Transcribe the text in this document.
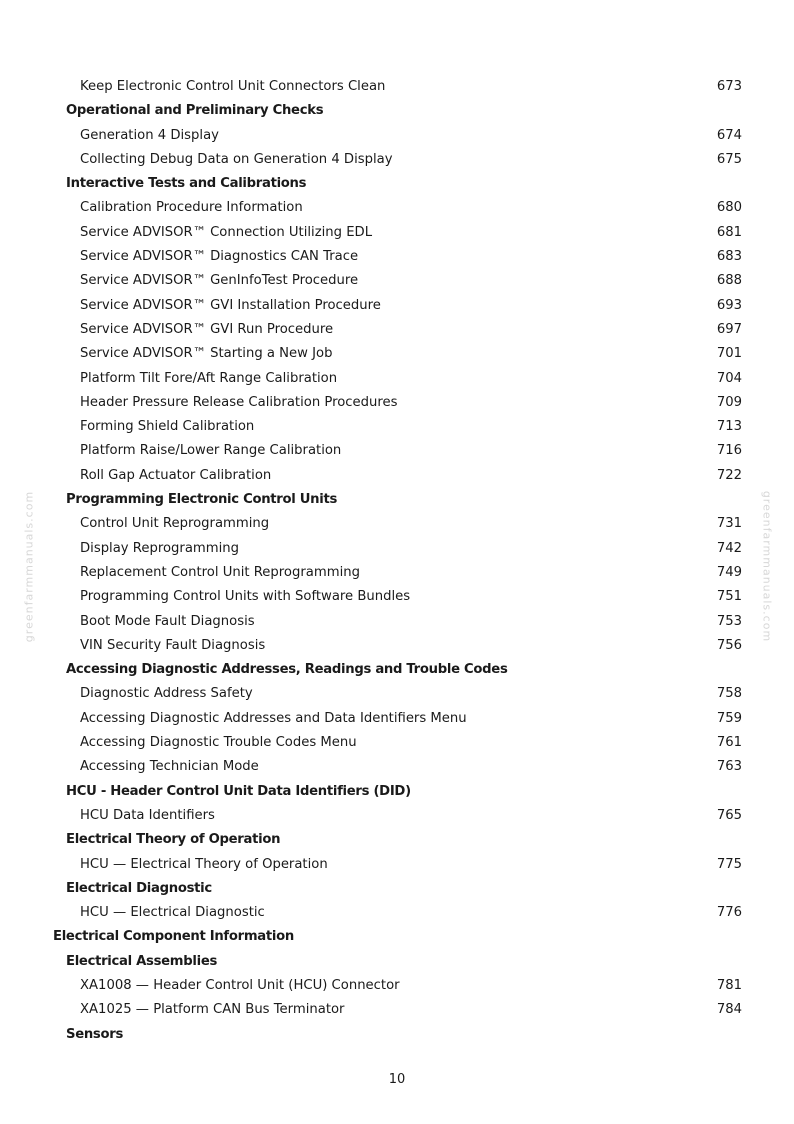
greenfarmmanuals.com	greenfarmmanuals.com
Keep Electronic Control Unit Connectors Clean	673
Operational and Preliminary Checks
Generation 4 Display	674
Collecting Debug Data on Generation 4 Display	675
Interactive Tests and Calibrations
Calibration Procedure Information	680
Service ADVISOR™ Connection Utilizing EDL	681
Service ADVISOR™ Diagnostics CAN Trace	683
Service ADVISOR™ GenInfoTest Procedure	688
Service ADVISOR™ GVI Installation Procedure	693
Service ADVISOR™ GVI Run Procedure	697
Service ADVISOR™ Starting a New Job	701
Platform Tilt Fore/Aft Range Calibration	704
Header Pressure Release Calibration Procedures	709
Forming Shield Calibration	713
Platform Raise/Lower Range Calibration	716
Roll Gap Actuator Calibration	722
Programming Electronic Control Units
Control Unit Reprogramming	731
Display Reprogramming	742
Replacement Control Unit Reprogramming	749
Programming Control Units with Software Bundles	751
Boot Mode Fault Diagnosis	753
VIN Security Fault Diagnosis	756
Accessing Diagnostic Addresses, Readings and Trouble Codes
Diagnostic Address Safety	758
Accessing Diagnostic Addresses and Data Identifiers Menu	759
Accessing Diagnostic Trouble Codes Menu	761
Accessing Technician Mode	763
HCU - Header Control Unit Data Identifiers (DID)
HCU Data Identifiers	765
Electrical Theory of Operation
HCU — Electrical Theory of Operation	775
Electrical Diagnostic
HCU — Electrical Diagnostic	776
Electrical Component Information
Electrical Assemblies
XA1008 — Header Control Unit (HCU) Connector	781
XA1025 — Platform CAN Bus Terminator	784
Sensors
10
